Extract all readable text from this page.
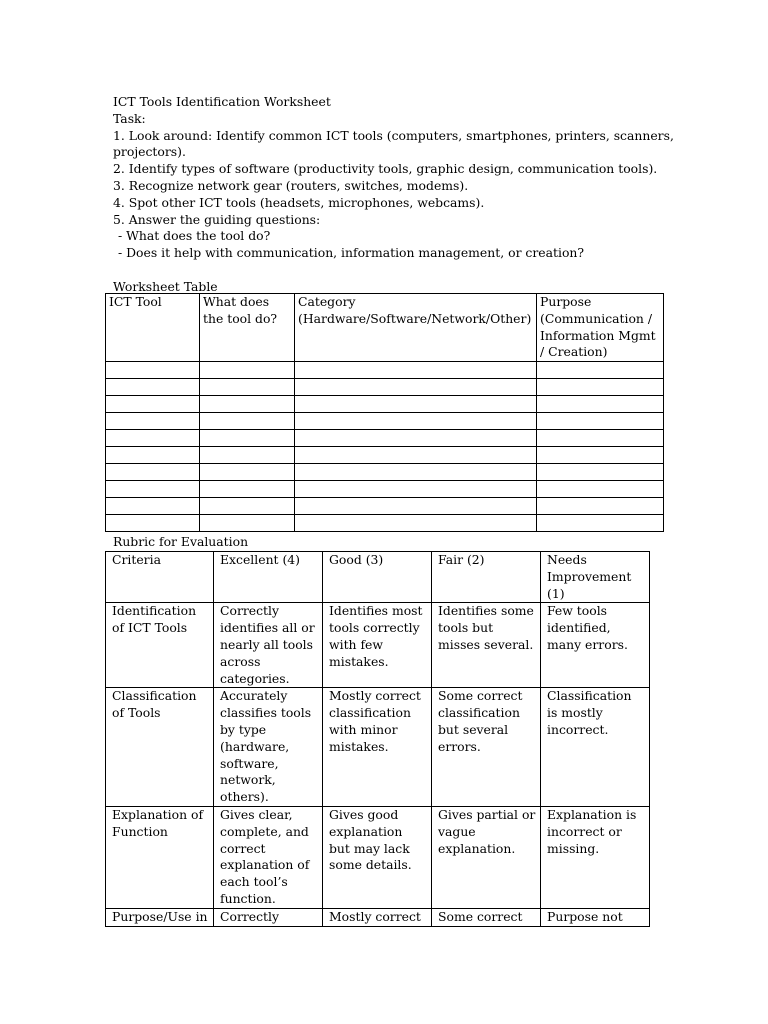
ICT Tools Identification Worksheet
Task:
1. Look around: Identify common ICT tools (computers, smartphones, printers, scanners,
projectors).
2. Identify types of software (productivity tools, graphic design, communication tools).
3. Recognize network gear (routers, switches, modems).
4. Spot other ICT tools (headsets, microphones, webcams).
5. Answer the guiding questions:
- What does the tool do?
- Does it help with communication, information management, or creation?
Worksheet Table
ICT Tool	What does the tool do?	Category (Hardware/Software/Network/Other)	Purpose (Communication / Information Mgmt / Creation)

Rubric for Evaluation
Criteria	Excellent (4)	Good (3)	Fair (2)	Needs Improvement (1)
Identification of ICT Tools	Correctly identifies all or nearly all tools across categories.	Identifies most tools correctly with few mistakes.	Identifies some tools but misses several.	Few tools identified, many errors.
Classification of Tools	Accurately classifies tools by type (hardware, software, network, others).	Mostly correct classification with minor mistakes.	Some correct classification but several errors.	Classification is mostly incorrect.
Explanation of Function	Gives clear, complete, and correct explanation of each tool’s function.	Gives good explanation but may lack some details.	Gives partial or vague explanation.	Explanation is incorrect or missing.
Purpose/Use in	Correctly	Mostly correct	Some correct	Purpose not
